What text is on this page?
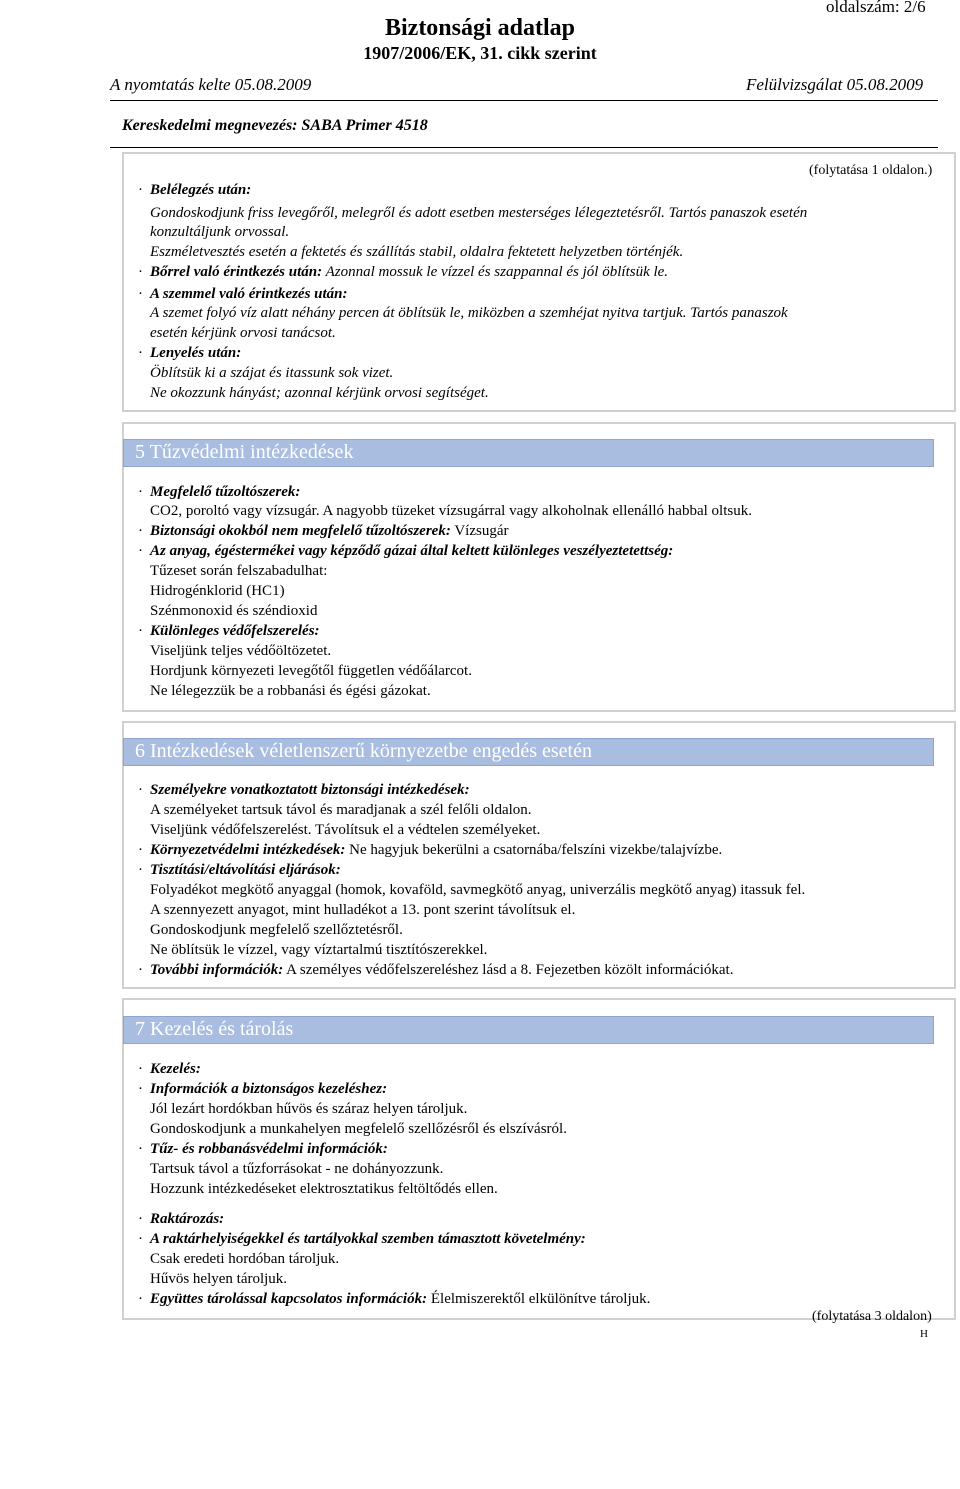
oldalszám: 2/6
Biztonsági adatlap
1907/2006/EK, 31. cikk szerint
A nyomtatás kelte 05.08.2009	Felülvizsgálat 05.08.2009
Kereskedelmi megnevezés: SABA Primer 4518
(folytatása 1 oldalon.)
· Belélegzés után:
Gondoskodjunk friss levegőről, melegről és adott esetben mesterséges lélegeztetésről. Tartós panaszok esetén
konzultáljunk orvossal.
Eszméletvesztés esetén a fektetés és szállítás stabil, oldalra fektetett helyzetben történjék.
· Bőrrel való érintkezés után: Azonnal mossuk le vízzel és szappannal és jól öblítsük le.
· A szemmel való érintkezés után:
A szemet folyó víz alatt néhány percen át öblítsük le, miközben a szemhéjat nyitva tartjuk. Tartós panaszok
esetén kérjünk orvosi tanácsot.
· Lenyelés után:
Öblítsük ki a szájat és itassunk sok vizet.
Ne okozzunk hányást; azonnal kérjünk orvosi segítséget.
5 Tűzvédelmi intézkedések
· Megfelelő tűzoltószerek:
CO2, poroltó vagy vízsugár. A nagyobb tüzeket vízsugárral vagy alkoholnak ellenálló habbal oltsuk.
· Biztonsági okokból nem megfelelő tűzoltószerek: Vízsugár
· Az anyag, égéstermékei vagy képződő gázai által keltett különleges veszélyeztetettség:
Tűzeset során felszabadulhat:
Hidrogénklorid (HC1)
Szénmonoxid és széndioxid
· Különleges védőfelszerelés:
Viseljünk teljes védőöltözetet.
Hordjunk környezeti levegőtől független védőálarcot.
Ne lélegezzük be a robbanási és égési gázokat.
6 Intézkedések véletlenszerű környezetbe engedés esetén
· Személyekre vonatkoztatott biztonsági intézkedések:
A személyeket tartsuk távol és maradjanak a szél felőli oldalon.
Viseljünk védőfelszerelést. Távolítsuk el a védtelen személyeket.
· Környezetvédelmi intézkedések: Ne hagyjuk bekerülni a csatornába/felszíni vizekbe/talajvízbe.
· Tisztítási/eltávolítási eljárások:
Folyadékot megkötő anyaggal (homok, kovaföld, savmegkötő anyag, univerzális megkötő anyag) itassuk fel.
A szennyezett anyagot, mint hulladékot a 13. pont szerint távolítsuk el.
Gondoskodjunk megfelelő szellőztetésről.
Ne öblítsük le vízzel, vagy víztartalmú tisztítószerekkel.
· További információk: A személyes védőfelszereléshez lásd a 8. Fejezetben közölt információkat.
7 Kezelés és tárolás
· Kezelés:
· Információk a biztonságos kezeléshez:
Jól lezárt hordókban hűvös és száraz helyen tároljuk.
Gondoskodjunk a munkahelyen megfelelő szellőzésről és elszívásról.
· Tűz- és robbanásvédelmi információk:
Tartsuk távol a tűzforrásokat - ne dohányozzunk.
Hozzunk intézkedéseket elektrosztatikus feltöltődés ellen.
· Raktározás:
· A raktárhelyiségekkel és tartályokkal szemben támasztott követelmény:
Csak eredeti hordóban tároljuk.
Hűvös helyen tároljuk.
· Együttes tárolással kapcsolatos információk: Élelmiszerektől elkülönítve tároljuk.
(folytatása 3 oldalon)
H
